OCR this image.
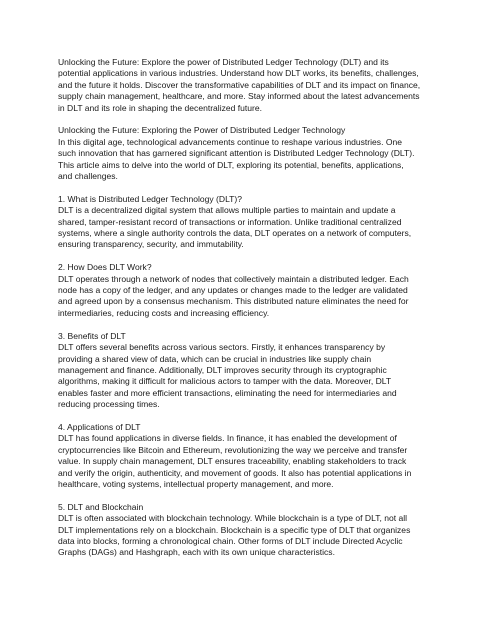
Unlocking the Future: Explore the power of Distributed Ledger Technology (DLT) and its
potential applications in various industries. Understand how DLT works, its benefits, challenges,
and the future it holds. Discover the transformative capabilities of DLT and its impact on finance,
supply chain management, healthcare, and more. Stay informed about the latest advancements
in DLT and its role in shaping the decentralized future.
Unlocking the Future: Exploring the Power of Distributed Ledger Technology
In this digital age, technological advancements continue to reshape various industries. One
such innovation that has garnered significant attention is Distributed Ledger Technology (DLT).
This article aims to delve into the world of DLT, exploring its potential, benefits, applications,
and challenges.
1. What is Distributed Ledger Technology (DLT)?
DLT is a decentralized digital system that allows multiple parties to maintain and update a
shared, tamper-resistant record of transactions or information. Unlike traditional centralized
systems, where a single authority controls the data, DLT operates on a network of computers,
ensuring transparency, security, and immutability.
2. How Does DLT Work?
DLT operates through a network of nodes that collectively maintain a distributed ledger. Each
node has a copy of the ledger, and any updates or changes made to the ledger are validated
and agreed upon by a consensus mechanism. This distributed nature eliminates the need for
intermediaries, reducing costs and increasing efficiency.
3. Benefits of DLT
DLT offers several benefits across various sectors. Firstly, it enhances transparency by
providing a shared view of data, which can be crucial in industries like supply chain
management and finance. Additionally, DLT improves security through its cryptographic
algorithms, making it difficult for malicious actors to tamper with the data. Moreover, DLT
enables faster and more efficient transactions, eliminating the need for intermediaries and
reducing processing times.
4. Applications of DLT
DLT has found applications in diverse fields. In finance, it has enabled the development of
cryptocurrencies like Bitcoin and Ethereum, revolutionizing the way we perceive and transfer
value. In supply chain management, DLT ensures traceability, enabling stakeholders to track
and verify the origin, authenticity, and movement of goods. It also has potential applications in
healthcare, voting systems, intellectual property management, and more.
5. DLT and Blockchain
DLT is often associated with blockchain technology. While blockchain is a type of DLT, not all
DLT implementations rely on a blockchain. Blockchain is a specific type of DLT that organizes
data into blocks, forming a chronological chain. Other forms of DLT include Directed Acyclic
Graphs (DAGs) and Hashgraph, each with its own unique characteristics.
